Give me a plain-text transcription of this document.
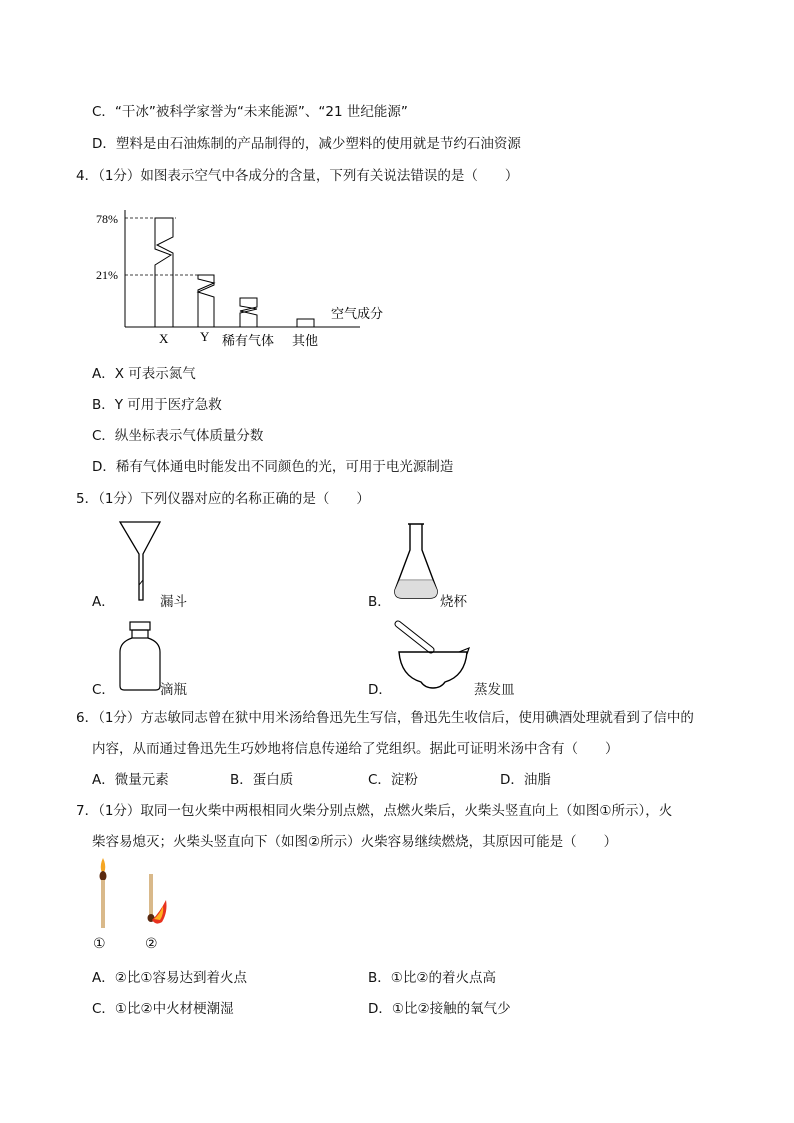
C．“干冰”被科学家誉为“未来能源”、“21 世纪能源”
D．塑料是由石油炼制的产品制得的，减少塑料的使用就是节约石油资源
4．（1分）如图表示空气中各成分的含量，下列有关说法错误的是（　　）
78%
21%
X Y 稀有气体 其他
空气成分
A．X 可表示氮气
B．Y 可用于医疗急救
C．纵坐标表示气体质量分数
D．稀有气体通电时能发出不同颜色的光，可用于电光源制造
5．（1分）下列仪器对应的名称正确的是（　　）
A．	漏斗	B．	烧杯
C．	滴瓶	D．	蒸发皿
6．（1分）方志敏同志曾在狱中用米汤给鲁迅先生写信，鲁迅先生收信后，使用碘酒处理就看到了信中的
内容，从而通过鲁迅先生巧妙地将信息传递给了党组织。据此可证明米汤中含有（　　）
A．微量元素	B．蛋白质	C．淀粉	D．油脂
7．（1分）取同一包火柴中两根相同火柴分别点燃，点燃火柴后，火柴头竖直向上（如图①所示），火
柴容易熄灭；火柴头竖直向下（如图②所示）火柴容易继续燃烧，其原因可能是（　　）
①	②
A．②比①容易达到着火点	B．①比②的着火点高
C．①比②中火材梗潮湿	D．①比②接触的氧气少
